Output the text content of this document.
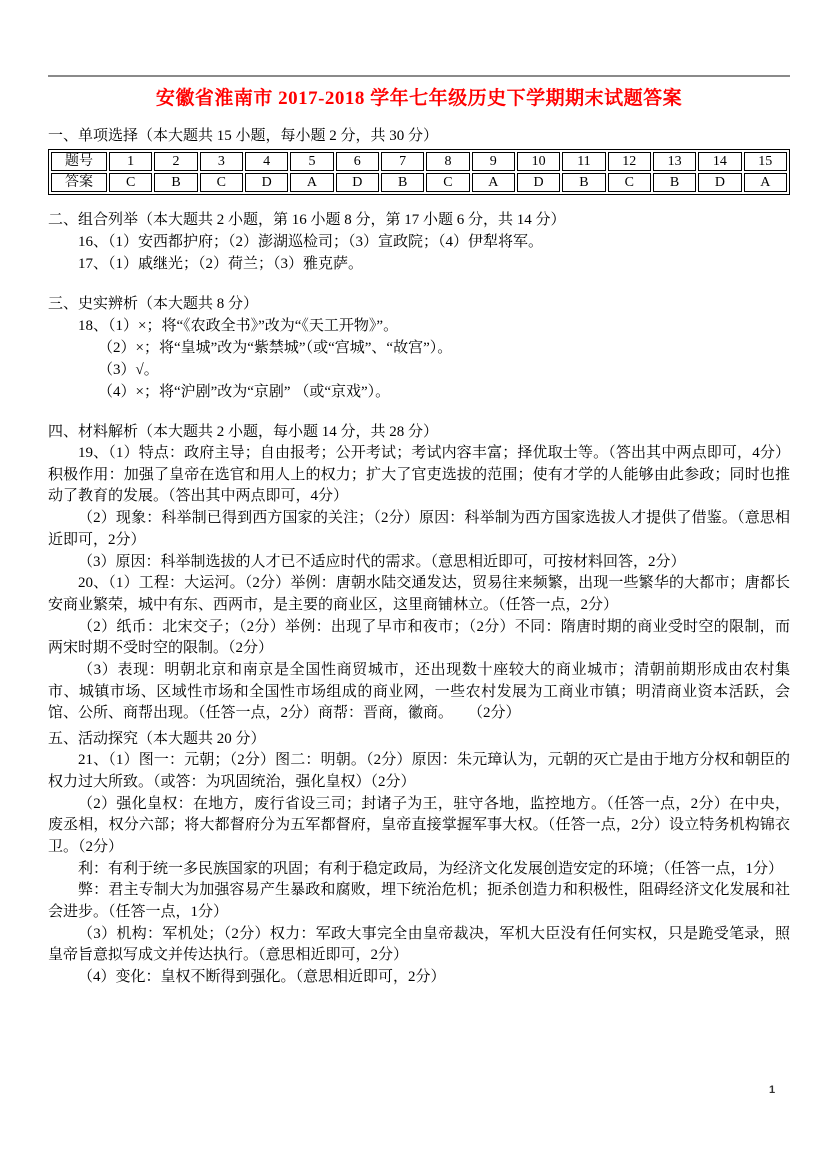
安徽省淮南市 2017-2018 学年七年级历史下学期期末试题答案

一、单项选择（本大题共 15 小题，每小题 2 分，共 30 分）

题号	1	2	3	4	5	6	7	8	9	10	11	12	13	14	15
答案	C	B	C	D	A	D	B	C	A	D	B	C	B	D	A

二、组合列举（本大题共 2 小题，第 16 小题 8 分，第 17 小题 6 分，共 14 分）

16、（1）安西都护府；（2）澎湖巡检司；（3）宣政院；（4）伊犁将军。

17、（1）戚继光；（2）荷兰；（3）雅克萨。

三、史实辨析（本大题共 8 分）

18、（1）×；将“《农政全书》”改为“《天工开物》”。

（2）×；将“皇城”改为“紫禁城”（或“宫城”、“故宫”）。

（3）√。

（4）×；将“沪剧”改为“京剧” （或“京戏”）。

四、材料解析（本大题共 2 小题，每小题 14 分，共 28 分）

19、（1）特点：政府主导；自由报考；公开考试；考试内容丰富；择优取士等。（答出其中两点即可，4分）积极作用：加强了皇帝在选官和用人上的权力；扩大了官吏选拔的范围；使有才学的人能够由此参政；同时也推动了教育的发展。（答出其中两点即可，4分）

（2）现象：科举制已得到西方国家的关注；（2分）原因：科举制为西方国家选拔人才提供了借鉴。（意思相近即可，2分）

（3）原因：科举制选拔的人才已不适应时代的需求。（意思相近即可，可按材料回答，2分）

20、（1）工程：大运河。（2分）举例：唐朝水陆交通发达，贸易往来频繁，出现一些繁华的大都市；唐都长安商业繁荣，城中有东、西两市，是主要的商业区，这里商铺林立。（任答一点，2分）

（2）纸币：北宋交子；（2分）举例：出现了早市和夜市；（2分）不同：隋唐时期的商业受时空的限制，而两宋时期不受时空的限制。（2分）

（3）表现：明朝北京和南京是全国性商贸城市，还出现数十座较大的商业城市；清朝前期形成由农村集市、城镇市场、区域性市场和全国性市场组成的商业网，一些农村发展为工商业市镇；明清商业资本活跃，会馆、公所、商帮出现。（任答一点，2分）商帮：晋商，徽商。　　（2分）

五、活动探究（本大题共 20 分）

21、（1）图一：元朝；（2分）图二：明朝。（2分）原因：朱元璋认为，元朝的灭亡是由于地方分权和朝臣的权力过大所致。（或答：为巩固统治，强化皇权）（2分）

（2）强化皇权：在地方，废行省设三司；封诸子为王，驻守各地，监控地方。（任答一点，2分）在中央，废丞相，权分六部；将大都督府分为五军都督府，皇帝直接掌握军事大权。（任答一点，2分）设立特务机构锦衣卫。（2分）

利：有利于统一多民族国家的巩固；有利于稳定政局，为经济文化发展创造安定的环境；（任答一点，1分）

弊：君主专制大为加强容易产生暴政和腐败，埋下统治危机；扼杀创造力和积极性，阻碍经济文化发展和社会进步。（任答一点，1分）

（3）机构：军机处；（2分）权力：军政大事完全由皇帝裁决，军机大臣没有任何实权，只是跪受笔录，照皇帝旨意拟写成文并传达执行。（意思相近即可，2分）

（4）变化：皇权不断得到强化。（意思相近即可，2分）

1
